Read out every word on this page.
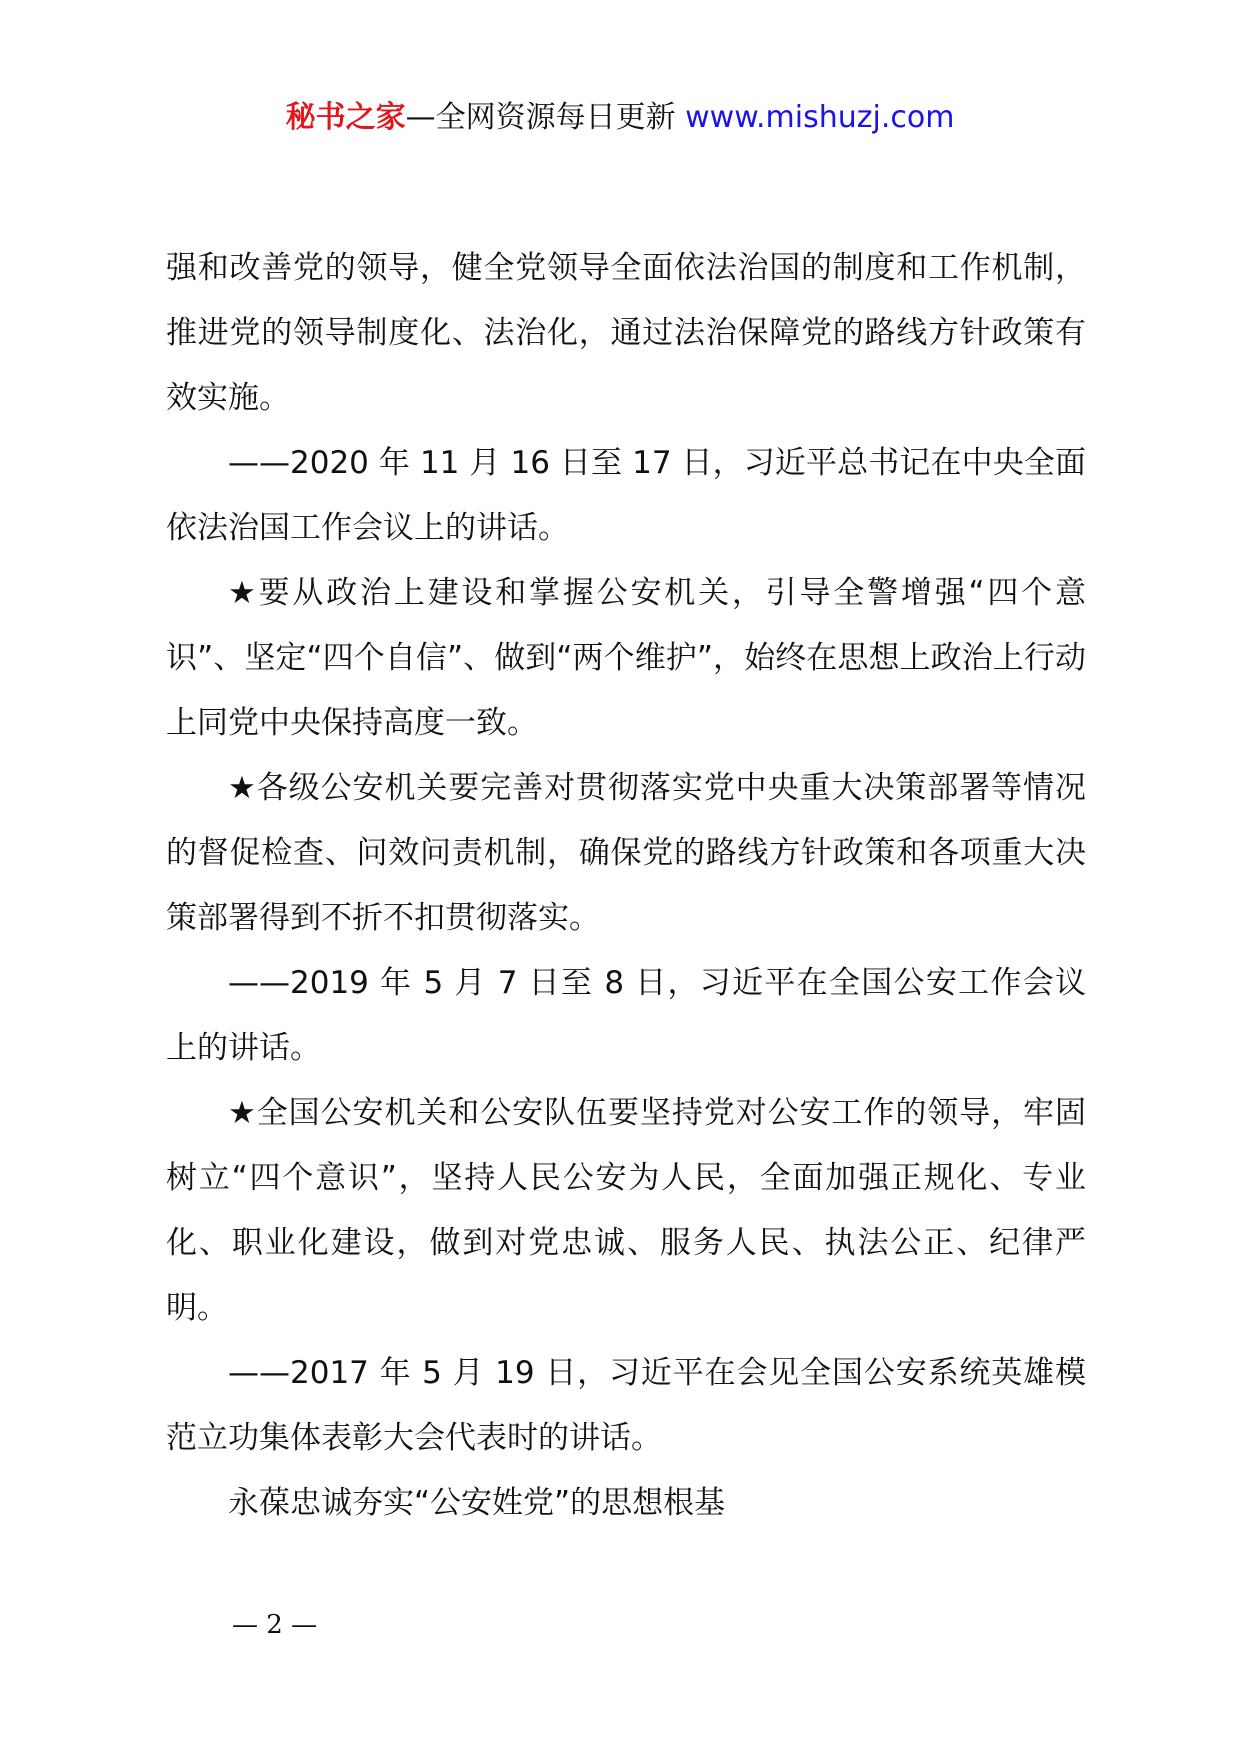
秘书之家—全网资源每日更新 www.mishuzj.com

强和改善党的领导，健全党领导全面依法治国的制度和工作机制，推进党的领导制度化、法治化，通过法治保障党的路线方针政策有效实施。

——2020 年 11 月 16 日至 17 日，习近平总书记在中央全面依法治国工作会议上的讲话。

★要从政治上建设和掌握公安机关，引导全警增强“四个意识”、坚定“四个自信”、做到“两个维护”，始终在思想上政治上行动上同党中央保持高度一致。

★各级公安机关要完善对贯彻落实党中央重大决策部署等情况的督促检查、问效问责机制，确保党的路线方针政策和各项重大决策部署得到不折不扣贯彻落实。

——2019 年 5 月 7 日至 8 日，习近平在全国公安工作会议上的讲话。

★全国公安机关和公安队伍要坚持党对公安工作的领导，牢固树立“四个意识”，坚持人民公安为人民，全面加强正规化、专业化、职业化建设，做到对党忠诚、服务人民、执法公正、纪律严明。

——2017 年 5 月 19 日，习近平在会见全国公安系统英雄模范立功集体表彰大会代表时的讲话。

永葆忠诚夯实“公安姓党”的思想根基

— 2 —
